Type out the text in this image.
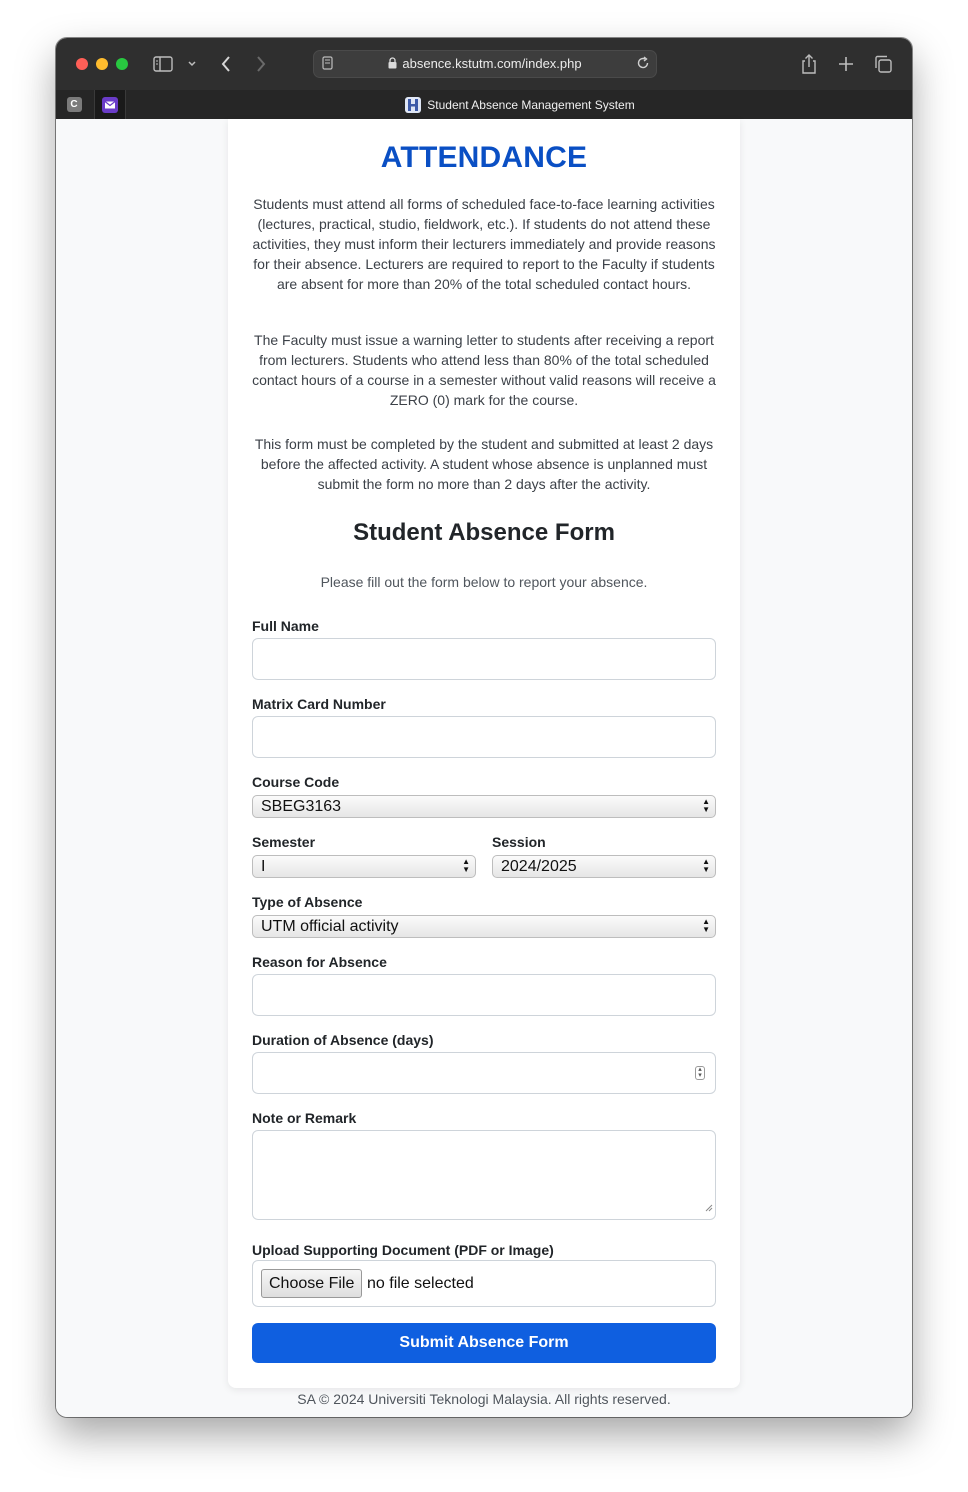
absence.kstutm.com/index.php
C	Student Absence Management System
ATTENDANCE
Students must attend all forms of scheduled face-to-face learning activities (lectures, practical, studio, fieldwork, etc.). If students do not attend these activities, they must inform their lecturers immediately and provide reasons for their absence. Lecturers are required to report to the Faculty if students are absent for more than 20% of the total scheduled contact hours.
The Faculty must issue a warning letter to students after receiving a report from lecturers. Students who attend less than 80% of the total scheduled contact hours of a course in a semester without valid reasons will receive a ZERO (0) mark for the course.
This form must be completed by the student and submitted at least 2 days before the affected activity. A student whose absence is unplanned must submit the form no more than 2 days after the activity.
Student Absence Form
Please fill out the form below to report your absence.
Full Name
Matrix Card Number
Course Code
SBEG3163	▲
▼
Semester
I	▲
▼
Session
2024/2025	▲
▼
Type of Absence
UTM official activity	▲
▼
Reason for Absence
Duration of Absence (days)
▴
▾
Note or Remark
Upload Supporting Document (PDF or Image)
Choose File no file selected
Submit Absence Form
SA © 2024 Universiti Teknologi Malaysia. All rights reserved.
